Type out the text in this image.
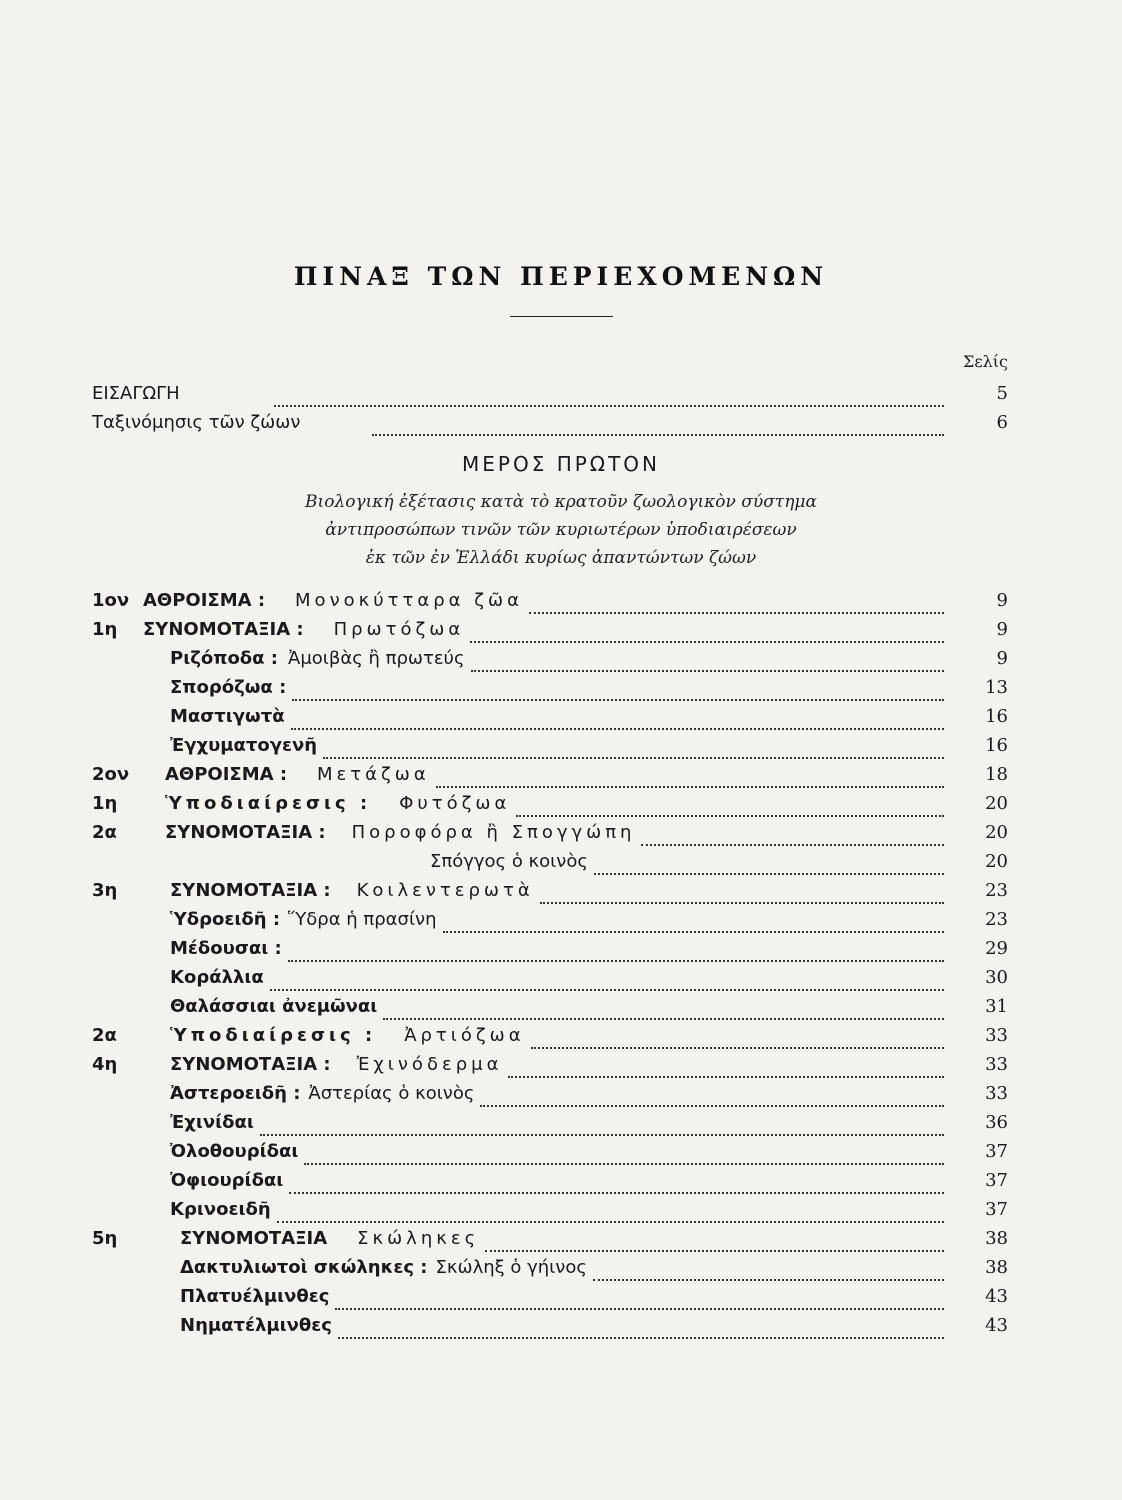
ΠΙΝΑΞ ΤΩΝ ΠΕΡΙΕΧΟΜΕΝΩΝ
Σελίς
ΕΙΣΑΓΩΓΗ	5
Ταξινόμησις τῶν ζώων	6
ΜΕΡΟΣ ΠΡΩΤΟΝ
Βιολογική ἐξέτασις κατὰ τὸ κρατοῦν ζωολογικὸν σύστημα
ἀντιπροσώπων τινῶν τῶν κυριωτέρων ὑποδιαιρέσεων
ἐκ τῶν ἐν Ἑλλάδι κυρίως ἀπαντώντων ζώων
1ον ΑΘΡΟΙΣΜΑ : Μονοκύτταρα ζῶα	9
1η ΣΥΝΟΜΟΤΑΞΙΑ : Πρωτόζωα	9
Ριζόποδα : Ἀμοιβὰς ἢ πρωτεύς	9
Σπορόζωα :	13
Μαστιγωτὰ	16
Ἐγχυματογενῆ	16
2ον ΑΘΡΟΙΣΜΑ : Μετάζωα	18
1η	Ὑποδιαίρεσις : Φυτόζωα	20
2α	ΣΥΝΟΜΟΤΑΞΙΑ : Ποροφόρα ἢ Σπογγώπη	20
Σπόγγος ὁ κοινὸς	20
3η	ΣΥΝΟΜΟΤΑΞΙΑ : Κοιλεντερωτὰ	23
Ὑδροειδῆ : Ὕδρα ἡ πρασίνη	23
Μέδουσαι :	29
Κοράλλια	30
Θαλάσσιαι ἀνεμῶναι	31
2α	Ὑποδιαίρεσις : Ἀρτιόζωα	33
4η	ΣΥΝΟΜΟΤΑΞΙΑ : Ἐχινόδερμα	33
Ἀστεροειδῆ : Ἀστερίας ὁ κοινὸς	33
Ἐχινίδαι	36
Ὀλοθουρίδαι	37
Ὀφιουρίδαι	37
Κρινοειδῆ	37
5η	ΣΥΝΟΜΟΤΑΞΙΑ Σκώληκες	38
Δακτυλιωτοὶ σκώληκες : Σκώληξ ὁ γήινος	38
Πλατυέλμινθες	43
Νηματέλμινθες	43
